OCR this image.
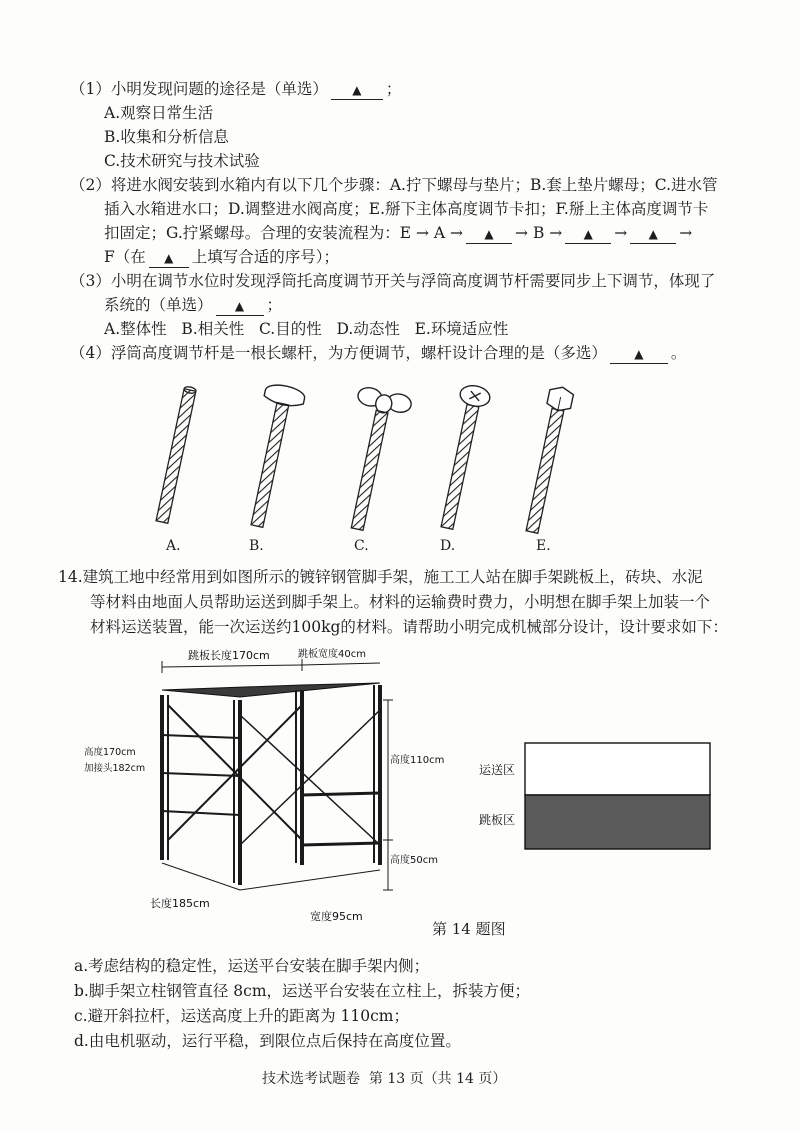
（1）小明发现问题的途径是（单选） ▲ ；
A.观察日常生活
B.收集和分析信息
C.技术研究与技术试验
（2）将进水阀安装到水箱内有以下几个步骤：A.拧下螺母与垫片；B.套上垫片螺母；C.进水管
插入水箱进水口；D.调整进水阀高度；E.掰下主体高度调节卡扣；F.掰上主体高度调节卡
扣固定；G.拧紧螺母。合理的安装流程为：E → A → ▲ → B → ▲ → ▲ →
F（在 ▲ 上填写合适的序号）；
（3）小明在调节水位时发现浮筒托高度调节开关与浮筒高度调节杆需要同步上下调节，体现了
系统的（单选） ▲ ；
A.整体性   B.相关性   C.目的性   D.动态性   E.环境适应性
（4）浮筒高度调节杆是一根长螺杆，为方便调节，螺杆设计合理的是（多选） ▲ 。
A.	B.	C.	D.	E.
14.建筑工地中经常用到如图所示的镀锌钢管脚手架，施工工人站在脚手架跳板上，砖块、水泥
等材料由地面人员帮助运送到脚手架上。材料的运输费时费力，小明想在脚手架上加装一个
材料运送装置，能一次运送约100kg的材料。请帮助小明完成机械部分设计，设计要求如下：
跳板长度170cm	跳板宽度40cm
高度170cm
加接头182cm
高度110cm
高度50cm
长度185cm
宽度95cm
运送区
跳板区
第 14 题图
a.考虑结构的稳定性，运送平台安装在脚手架内侧；
b.脚手架立柱钢管直径 8cm，运送平台安装在立柱上，拆装方便；
c.避开斜拉杆，运送高度上升的距离为 110cm；
d.由电机驱动，运行平稳，到限位点后保持在高度位置。
技术选考试题卷  第 13 页（共 14 页）
